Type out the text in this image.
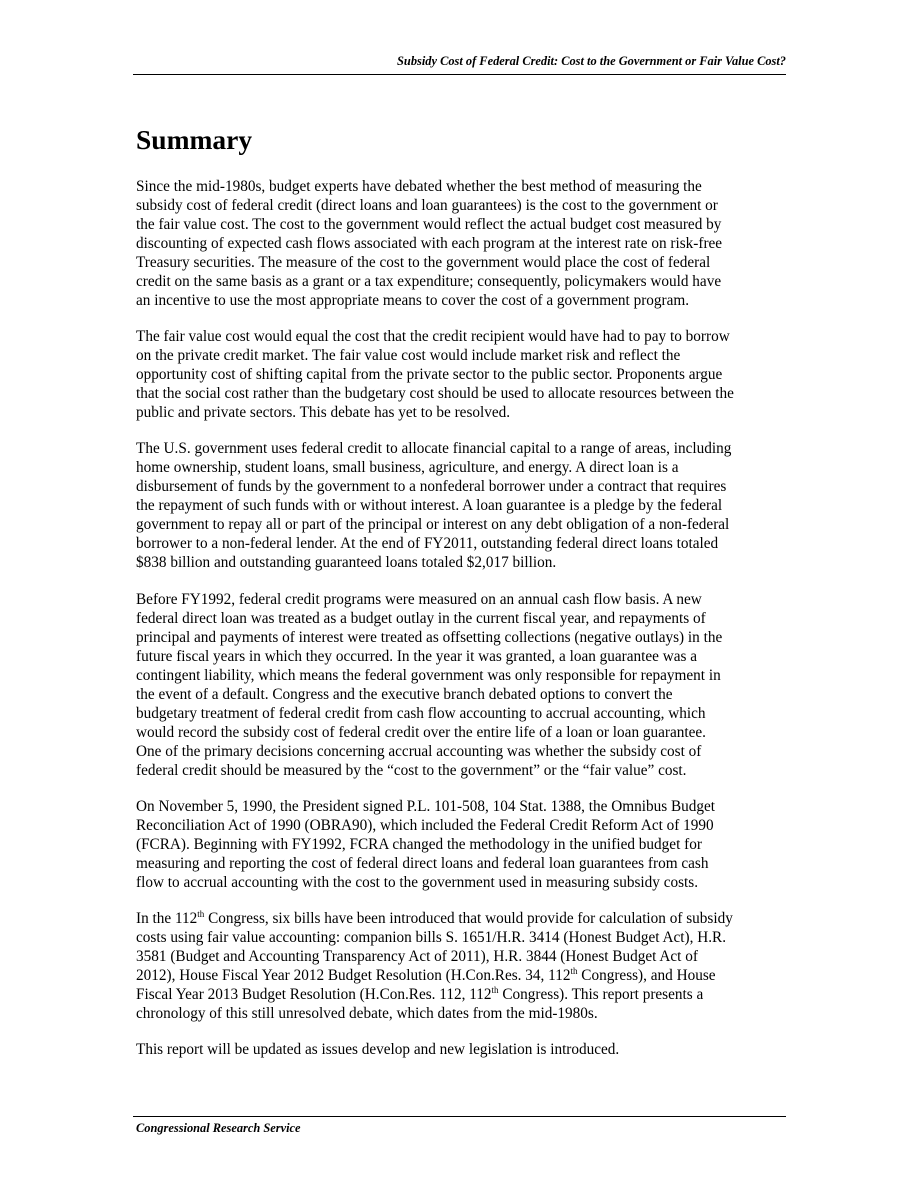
Subsidy Cost of Federal Credit: Cost to the Government or Fair Value Cost?
Summary

Since the mid-1980s, budget experts have debated whether the best method of measuring the
subsidy cost of federal credit (direct loans and loan guarantees) is the cost to the government or
the fair value cost. The cost to the government would reflect the actual budget cost measured by
discounting of expected cash flows associated with each program at the interest rate on risk-free
Treasury securities. The measure of the cost to the government would place the cost of federal
credit on the same basis as a grant or a tax expenditure; consequently, policymakers would have
an incentive to use the most appropriate means to cover the cost of a government program.

The fair value cost would equal the cost that the credit recipient would have had to pay to borrow
on the private credit market. The fair value cost would include market risk and reflect the
opportunity cost of shifting capital from the private sector to the public sector. Proponents argue
that the social cost rather than the budgetary cost should be used to allocate resources between the
public and private sectors. This debate has yet to be resolved.

The U.S. government uses federal credit to allocate financial capital to a range of areas, including
home ownership, student loans, small business, agriculture, and energy. A direct loan is a
disbursement of funds by the government to a nonfederal borrower under a contract that requires
the repayment of such funds with or without interest. A loan guarantee is a pledge by the federal
government to repay all or part of the principal or interest on any debt obligation of a non-federal
borrower to a non-federal lender. At the end of FY2011, outstanding federal direct loans totaled
$838 billion and outstanding guaranteed loans totaled $2,017 billion.

Before FY1992, federal credit programs were measured on an annual cash flow basis. A new
federal direct loan was treated as a budget outlay in the current fiscal year, and repayments of
principal and payments of interest were treated as offsetting collections (negative outlays) in the
future fiscal years in which they occurred. In the year it was granted, a loan guarantee was a
contingent liability, which means the federal government was only responsible for repayment in
the event of a default. Congress and the executive branch debated options to convert the
budgetary treatment of federal credit from cash flow accounting to accrual accounting, which
would record the subsidy cost of federal credit over the entire life of a loan or loan guarantee.
One of the primary decisions concerning accrual accounting was whether the subsidy cost of
federal credit should be measured by the “cost to the government” or the “fair value” cost.

On November 5, 1990, the President signed P.L. 101-508, 104 Stat. 1388, the Omnibus Budget
Reconciliation Act of 1990 (OBRA90), which included the Federal Credit Reform Act of 1990
(FCRA). Beginning with FY1992, FCRA changed the methodology in the unified budget for
measuring and reporting the cost of federal direct loans and federal loan guarantees from cash
flow to accrual accounting with the cost to the government used in measuring subsidy costs.

In the 112th Congress, six bills have been introduced that would provide for calculation of subsidy
costs using fair value accounting: companion bills S. 1651/H.R. 3414 (Honest Budget Act), H.R.
3581 (Budget and Accounting Transparency Act of 2011), H.R. 3844 (Honest Budget Act of
2012), House Fiscal Year 2012 Budget Resolution (H.Con.Res. 34, 112th Congress), and House
Fiscal Year 2013 Budget Resolution (H.Con.Res. 112, 112th Congress). This report presents a
chronology of this still unresolved debate, which dates from the mid-1980s.

This report will be updated as issues develop and new legislation is introduced.

Congressional Research Service
